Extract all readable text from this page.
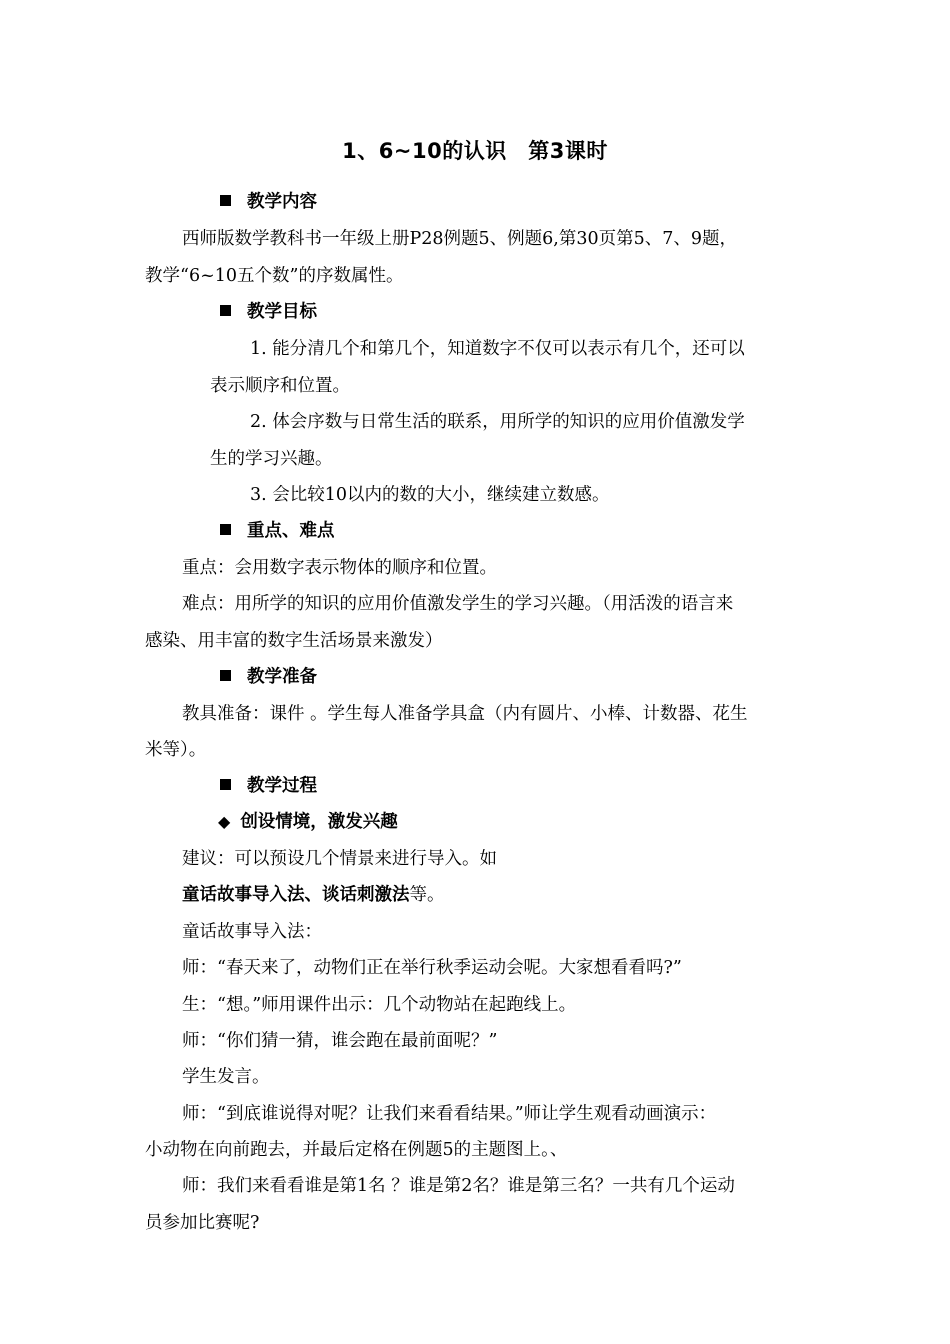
1、6~10的认识　第3课时
教学内容
西师版数学教科书一年级上册P28例题5、例题6,第30页第5、7、9题，
教学“6~10五个数”的序数属性。
教学目标
1. 能分清几个和第几个，知道数字不仅可以表示有几个，还可以
表示顺序和位置。
2. 体会序数与日常生活的联系，用所学的知识的应用价值激发学
生的学习兴趣。
3. 会比较10以内的数的大小，继续建立数感。
重点、难点
重点：会用数字表示物体的顺序和位置。
难点：用所学的知识的应用价值激发学生的学习兴趣。（用活泼的语言来
感染、用丰富的数字生活场景来激发）
教学准备
教具准备：课件 。学生每人准备学具盒（内有圆片、小棒、计数器、花生
米等）。
教学过程
◆ 创设情境，激发兴趣
建议：可以预设几个情景来进行导入。如
童话故事导入法、谈话刺激法等。
童话故事导入法：
师：“春天来了，动物们正在举行秋季运动会呢。大家想看看吗?”
生：“想。”师用课件出示：几个动物站在起跑线上。
师：“你们猜一猜，谁会跑在最前面呢？”
学生发言。
师：“到底谁说得对呢？让我们来看看结果。”师让学生观看动画演示：
小动物在向前跑去，并最后定格在例题5的主题图上。、
师：我们来看看谁是第1名 ？谁是第2名？谁是第三名？一共有几个运动
员参加比赛呢?
